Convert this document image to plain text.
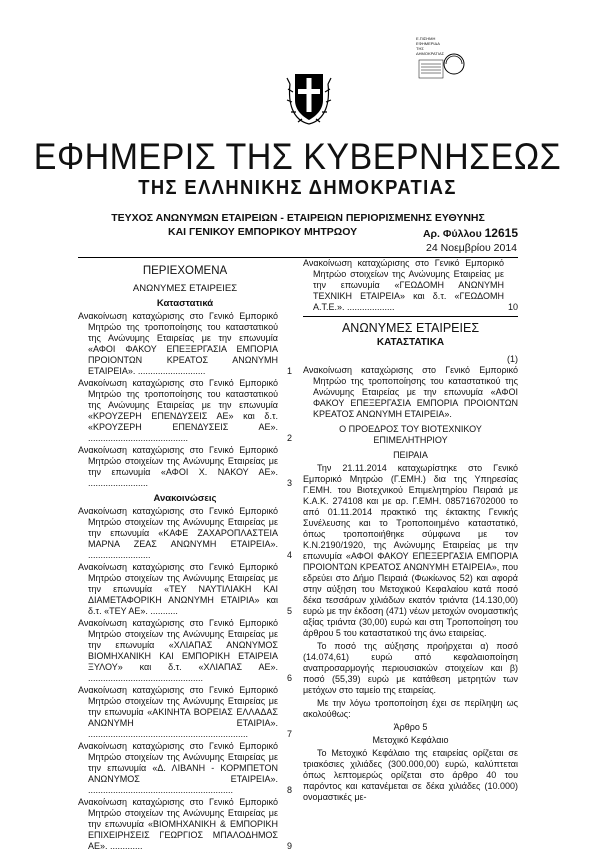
Ε.ΠΙΣΗΜΗ ΕΦΗΜΕΡΙΔΑ ΤΗΣ ΔΗΜΟΚΡΑΤΙΑΣ
ΕΦΗΜΕΡΙΣ ΤΗΣ ΚΥΒΕΡΝΗΣΕΩΣ
ΤΗΣ ΕΛΛΗΝΙΚΗΣ ΔΗΜΟΚΡΑΤΙΑΣ
ΤΕΥΧΟΣ ΑΝΩΝΥΜΩΝ ΕΤΑΙΡΕΙΩΝ - ΕΤΑΙΡΕΙΩΝ ΠΕΡΙΟΡΙΣΜΕΝΗΣ ΕΥΘΥΝΗΣ
ΚΑΙ ΓΕΝΙΚΟΥ ΕΜΠΟΡΙΚΟΥ ΜΗΤΡΩΟΥ	Αρ. Φύλλου 12615
24 Νοεμβρίου 2014
ΠΕΡΙΕΧΟΜΕΝΑ
ΑΝΩΝΥΜΕΣ ΕΤΑΙΡΕΙΕΣ
Καταστατικά
Ανακοίνωση καταχώρισης στο Γενικό Εμπορικό Μητρώο της τροποποίησης του καταστατικού της Ανώνυμης Εταιρείας με την επωνυμία «ΑΦΟΙ ΦΑΚΟΥ ΕΠΕΞΕΡΓΑΣΙΑ ΕΜΠΟΡΙΑ ΠΡΟΙΟΝΤΩΝ ΚΡΕΑΤΟΣ ΑΝΩΝΥΜΗ ΕΤΑΙΡΕΙΑ». ...........................	1
Ανακοίνωση καταχώρισης στο Γενικό Εμπορικό Μητρώο της τροποποίησης του καταστατικού της Ανώνυμης Εταιρείας με την επωνυμία «ΚΡΟΥΖΕΡΗ ΕΠΕΝΔΥΣΕΙΣ ΑΕ» και δ.τ. «ΚΡΟΥΖΕΡΗ ΕΠΕΝΔΥΣΕΙΣ ΑΕ». ........................................	2
Ανακοίνωση καταχώρισης στο Γενικό Εμπορικό Μητρώο στοιχείων της Ανώνυμης Εταιρείας με την επωνυμία «ΑΦΟΙ Χ. ΝΑΚΟΥ ΑΕ». ........................	3
Ανακοινώσεις
Ανακοίνωση καταχώρισης στο Γενικό Εμπορικό Μητρώο στοιχείων της Ανώνυμης Εταιρείας με την επωνυμία «ΚΑΦΕ ΖΑΧΑΡΟΠΛΑΣΤΕΙΑ ΜΑΡΝΑ ΖΕΑΣ ΑΝΩΝΥΜΗ ΕΤΑΙΡΕΙΑ». .........................	4
Ανακοίνωση καταχώρισης στο Γενικό Εμπορικό Μητρώο στοιχείων της Ανώνυμης Εταιρείας με την επωνυμία «ΤΕΥ ΝΑΥΤΙΛΙΑΚΗ ΚΑΙ ΔΙΑΜΕΤΑΦΟΡΙΚΗ ΑΝΩΝΥΜΗ ΕΤΑΙΡΙΑ» και δ.τ. «ΤΕΥ ΑΕ». ...........	5
Ανακοίνωση καταχώρισης στο Γενικό Εμπορικό Μητρώο στοιχείων της Ανώνυμης Εταιρείας με την επωνυμία «ΧΛΙΑΠΑΣ ΑΝΩΝΥΜΟΣ ΒΙΟΜΗΧΑΝΙΚΗ ΚΑΙ ΕΜΠΟΡΙΚΗ ΕΤΑΙΡΕΙΑ ΞΥΛΟΥ» και δ.τ. «ΧΛΙΑΠΑΣ ΑΕ». ..............................................	6
Ανακοίνωση καταχώρισης στο Γενικό Εμπορικό Μητρώο στοιχείων της Ανώνυμης Εταιρείας με την επωνυμία «ΑΚΙΝΗΤΑ ΒΟΡΕΙΑΣ ΕΛΛΑΔΑΣ ΑΝΩΝΥΜΗ ΕΤΑΙΡΙΑ». ................................................................	7
Ανακοίνωση καταχώρισης στο Γενικό Εμπορικό Μητρώο στοιχείων της Ανώνυμης Εταιρείας με την επωνυμία «Δ. ΛΙΒΑΝΗ - ΚΟΡΜΠΕΤΟΝ ΑΝΩΝΥΜΟΣ ΕΤΑΙΡΕΙΑ». ..........................................................	8
Ανακοίνωση καταχώρισης στο Γενικό Εμπορικό Μητρώο στοιχείων της Ανώνυμης Εταιρείας με την επωνυμία «ΒΙΟΜΗΧΑΝΙΚΗ & ΕΜΠΟΡΙΚΗ ΕΠΙΧΕΙΡΗΣΕΙΣ ΓΕΩΡΓΙΟΣ ΜΠΑΛΟΔΗΜΟΣ ΑΕ». .............	9
Ανακοίνωση καταχώρισης στο Γενικό Εμπορικό Μητρώο στοιχείων της Ανώνυμης Εταιρείας με την επωνυμία «ΓΕΩΔΟΜΗ ΑΝΩΝΥΜΗ ΤΕΧΝΙΚΗ ΕΤΑΙΡΕΙΑ» και δ.τ. «ΓΕΩΔΟΜΗ Α.Τ.Ε.». ...................	10
ΑΝΩΝΥΜΕΣ ΕΤΑΙΡΕΙΕΣ
ΚΑΤΑΣΤΑΤΙΚΑ
(1)
Ανακοίνωση καταχώρισης στο Γενικό Εμπορικό Μητρώο της τροποποίησης του καταστατικού της Ανώνυμης Εταιρείας με την επωνυμία «ΑΦΟΙ ΦΑΚΟΥ ΕΠΕΞΕΡΓΑΣΙΑ ΕΜΠΟΡΙΑ ΠΡΟΙΟΝΤΩΝ ΚΡΕΑΤΟΣ ΑΝΩΝΥΜΗ ΕΤΑΙΡΕΙΑ».
Ο ΠΡΟΕΔΡΟΣ ΤΟΥ ΒΙΟΤΕΧΝΙΚΟΥ ΕΠΙΜΕΛΗΤΗΡΙΟΥ
ΠΕΙΡΑΙΑ

Την 21.11.2014 καταχωρίστηκε στο Γενικό Εμπορικό Μητρώο (Γ.ΕΜΗ.) δια της Υπηρεσίας Γ.ΕΜΗ. του Βιοτεχνικού Επιμελητηρίου Πειραιά με Κ.Α.Κ. 274108 και με αρ. Γ.ΕΜΗ. 085716702000 το από 01.11.2014 πρακτικό της έκτακτης Γενικής Συνέλευσης και το Τροποποιημένο καταστατικό, όπως τροποποιήθηκε σύμφωνα με τον Κ.Ν.2190/1920, της Ανώνυμης Εταιρείας με την επωνυμία «ΑΦΟΙ ΦΑΚΟΥ ΕΠΕΞΕΡΓΑΣΙΑ ΕΜΠΟΡΙΑ ΠΡΟΙΟΝΤΩΝ ΚΡΕΑΤΟΣ ΑΝΩΝΥΜΗ ΕΤΑΙΡΕΙΑ», που εδρεύει στο Δήμο Πειραιά (Φωκίωνος 52) και αφορά στην αύξηση του Μετοχικού Κεφαλαίου κατά ποσό δέκα τεσσάρων χιλιάδων εκατόν τριάντα (14.130,00) ευρώ με την έκδοση (471) νέων μετοχών ονομαστικής αξίας τριάντα (30,00) ευρώ και στη Τροποποίηση του άρθρου 5 του καταστατικού της άνω εταιρείας.

Το ποσό της αύξησης προήρχεται α) ποσό (14.074,61) ευρώ από κεφαλαιοποίηση αναπροσαρμογής περιουσιακών στοιχείων και β) ποσό (55,39) ευρώ με κατάθεση μετρητών των μετόχων στο ταμείο της εταιρείας.

Με την λόγω τροποποίηση έχει σε περίληψη ως ακολούθως:

Άρθρο 5
Μετοχικό Κεφάλαιο

Το Μετοχικό Κεφάλαιο της εταιρείας ορίζεται σε τριακόσιες χιλιάδες (300.000,00) ευρώ, καλύπτεται όπως λεπτομερώς ορίζεται στο άρθρο 40 του παρόντος και κατανέμεται σε δέκα χιλιάδες (10.000) ονομαστικές με-
